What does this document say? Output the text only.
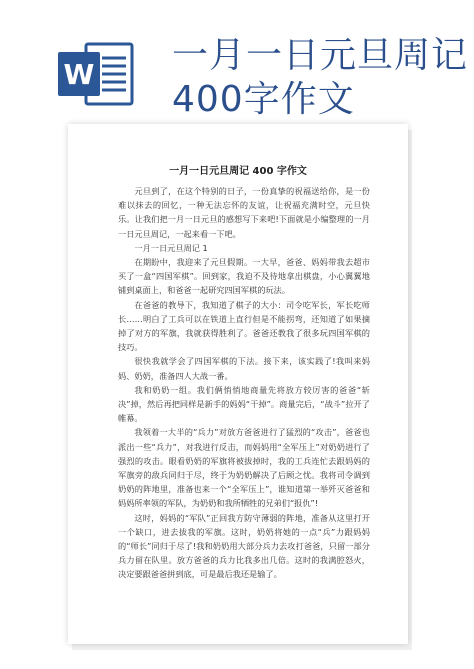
W 一月一日元旦周记
400字作文
一月一日元旦周记 400 字作文

元旦到了，在这个特别的日子，一份真挚的祝福送给你，是一份难以抹去的回忆，一种无法忘怀的友谊，让祝福充满时空，元旦快乐。让我们把一月一日元旦的感想写下来吧!下面就是小编整理的一月一日元旦周记，一起来看一下吧。

一月一日元旦周记 1

在期盼中，我迎来了元旦假期。一大早，爸爸、妈妈带我去超市买了一盒“四国军棋”。回到家，我迫不及待地拿出棋盘，小心翼翼地铺到桌面上，和爸爸一起研究四国军棋的玩法。

在爸爸的教导下，我知道了棋子的大小：司令吃军长，军长吃师长……明白了工兵可以在铁道上直行但是不能拐弯，还知道了如果摘掉了对方的军旗，我就获得胜利了。爸爸还教我了很多玩四国军棋的技巧。

很快我就学会了四国军棋的下法。接下来，该实践了!我叫来妈妈、奶奶，准备四人大战一番。

我和奶奶一组。我们俩悄悄地商量先将放方较厉害的爸爸“斩决”掉，然后再把同样是新手的妈妈“干掉”。商量完后，“战斗”拉开了帷幕。

我领着一大半的“兵力”对放方爸爸进行了猛烈的“攻击”，爸爸也派出一些“兵力”，对我进行反击，而妈妈用“全军压上”对奶奶进行了强烈的攻击。眼看奶奶的军旗将被拔掉时，我的工兵连忙去跟妈妈的军旗旁的敌兵同归于尽，终于为奶奶解决了后顾之忧。我将司令调到奶奶的阵地里，准备也来一个“全军压上”，谁知道第一举歼灭爸爸和妈妈所率领的军队，为奶奶和我所牺牲的兄弟们“报仇”!

这时，妈妈的“军队”正回我方防守薄弱的阵地，准备从这里打开一个缺口，进去拔我的军旗。这时，奶奶将她的一点“兵”力跟妈妈的“师长”同归于尽了!我和奶奶用大部分兵力去攻打爸爸，只留一部分兵力留在队里。放方爸爸的兵力比我多出几倍。这时的我满腔怒火，决定要跟爸爸拼到底，可是最后我还是输了。
